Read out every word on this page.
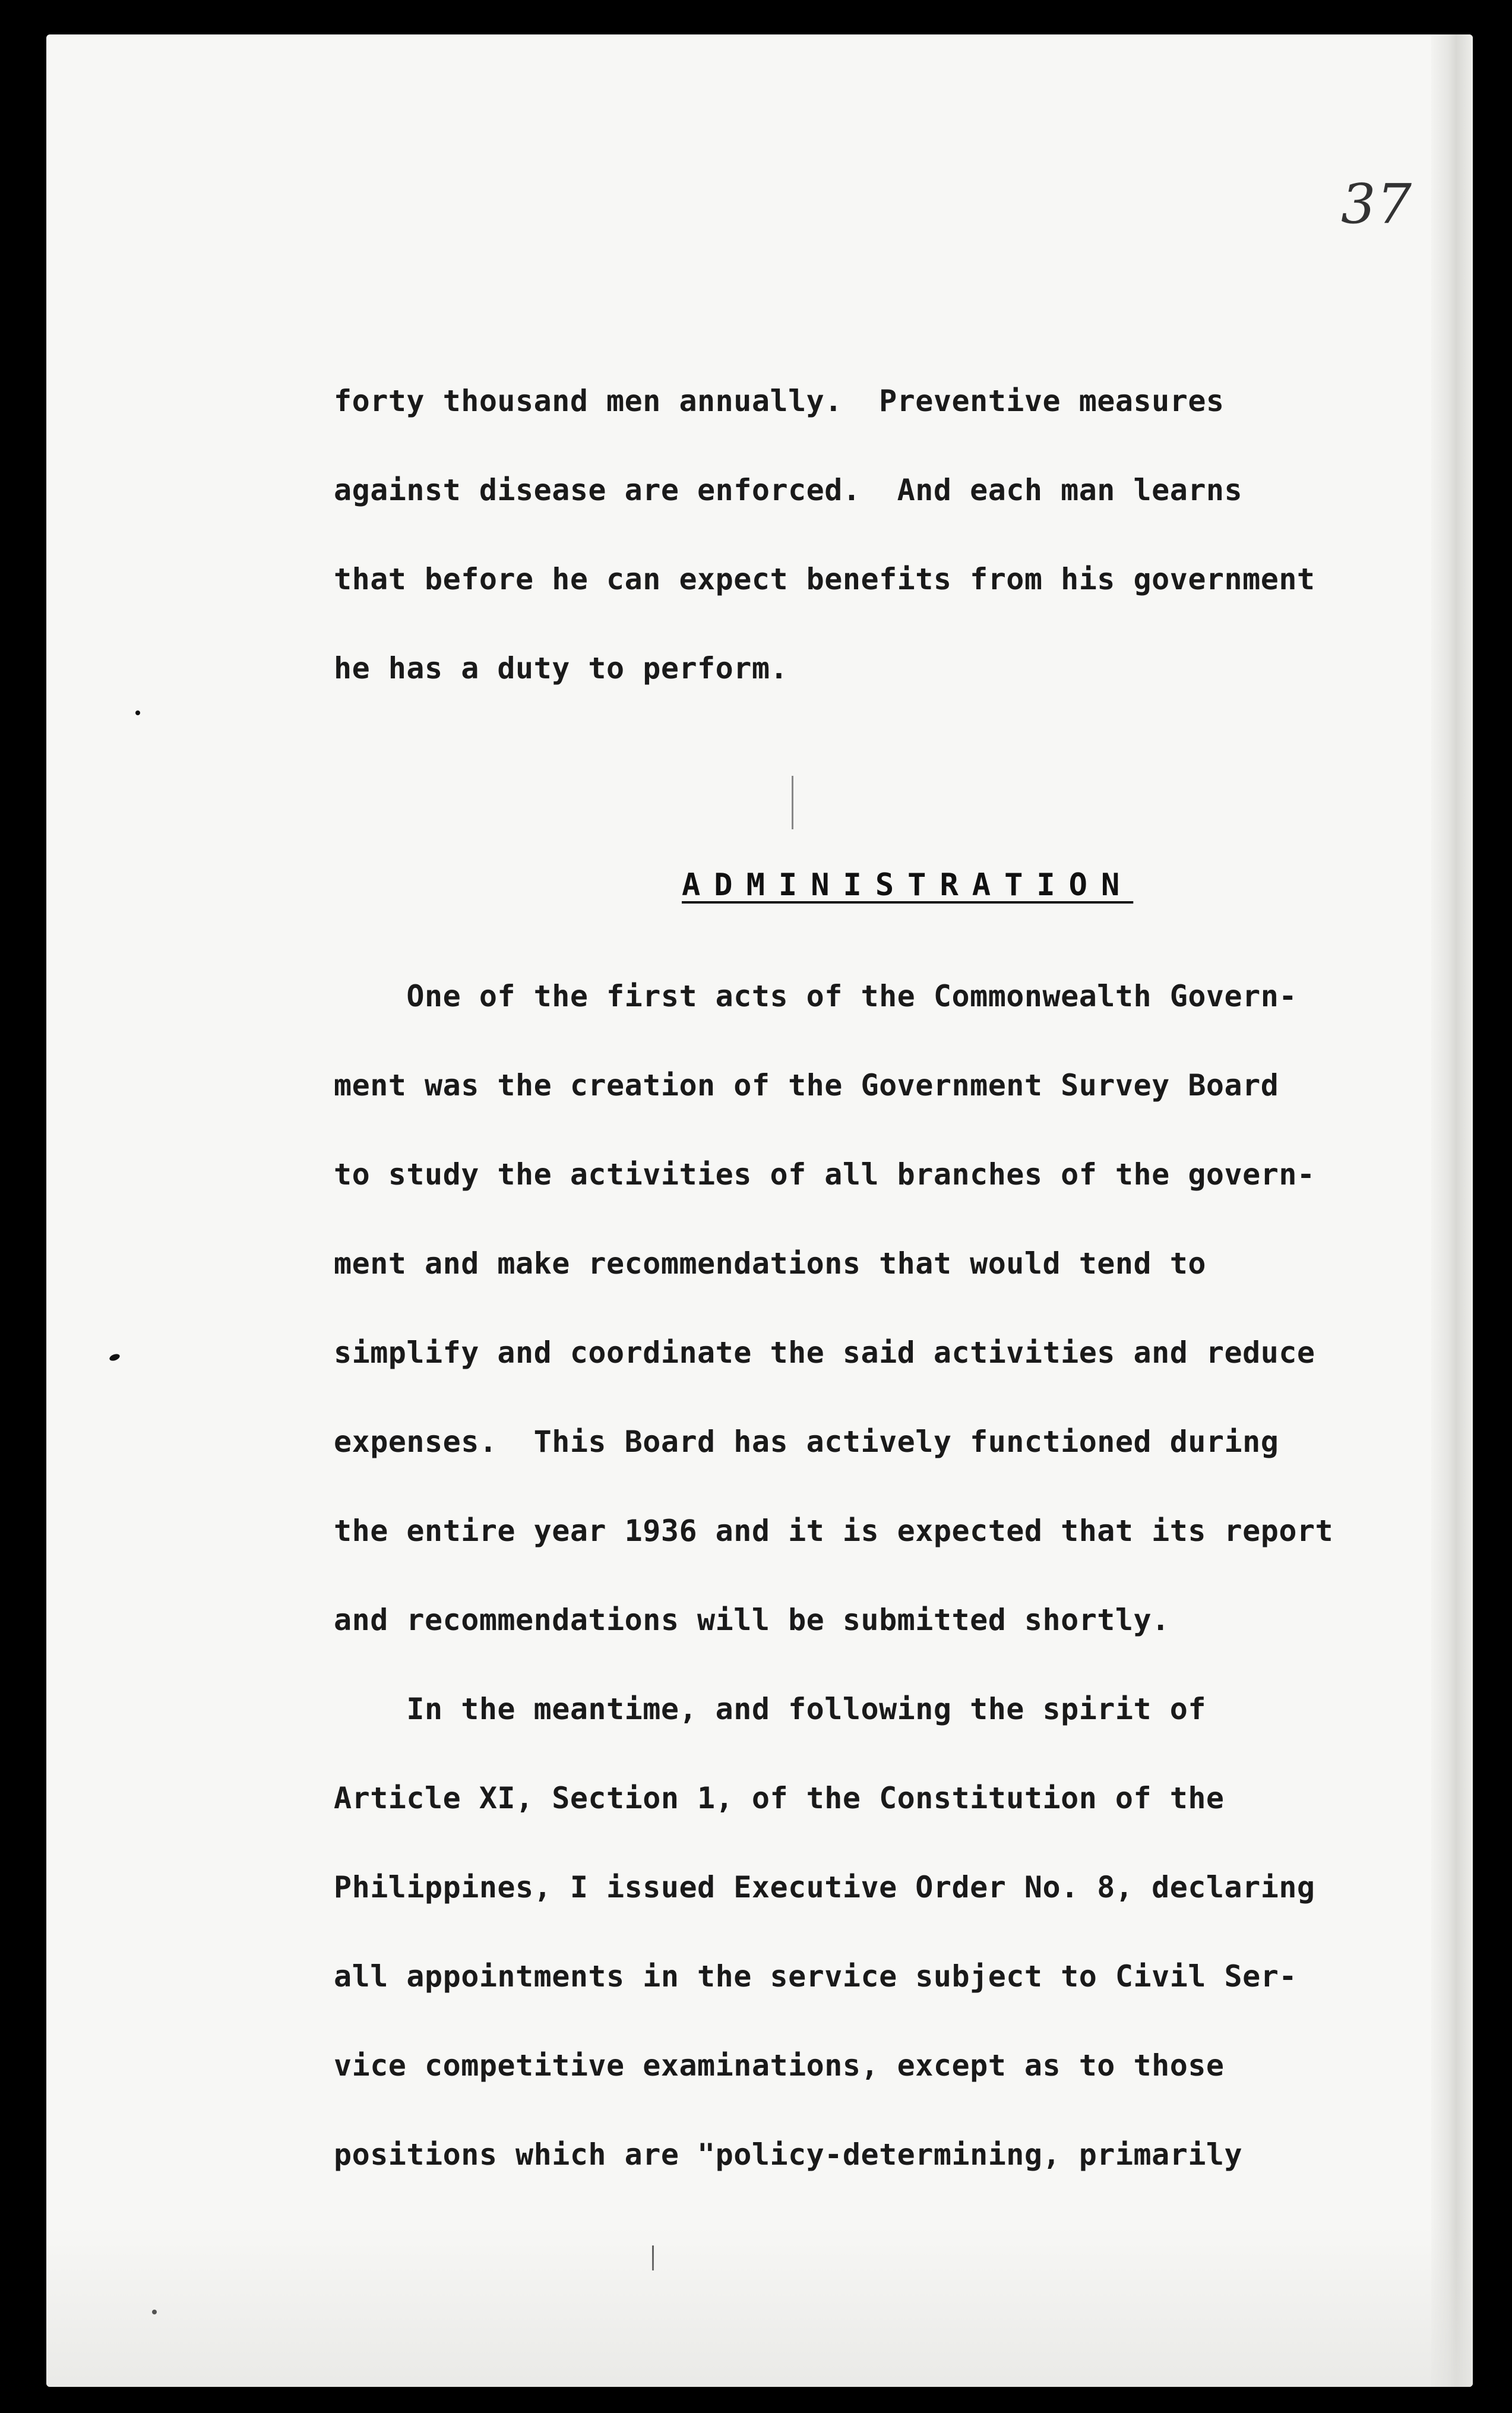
37
forty thousand men annually.  Preventive measures
against disease are enforced.  And each man learns
that before he can expect benefits from his government
he has a duty to perform.
ADMINISTRATION
One of the first acts of the Commonwealth Govern-
ment was the creation of the Government Survey Board
to study the activities of all branches of the govern-
ment and make recommendations that would tend to
simplify and coordinate the said activities and reduce
expenses.  This Board has actively functioned during
the entire year 1936 and it is expected that its report
and recommendations will be submitted shortly.
In the meantime, and following the spirit of
Article XI, Section 1, of the Constitution of the
Philippines, I issued Executive Order No. 8, declaring
all appointments in the service subject to Civil Ser-
vice competitive examinations, except as to those
positions which are "policy-determining, primarily
